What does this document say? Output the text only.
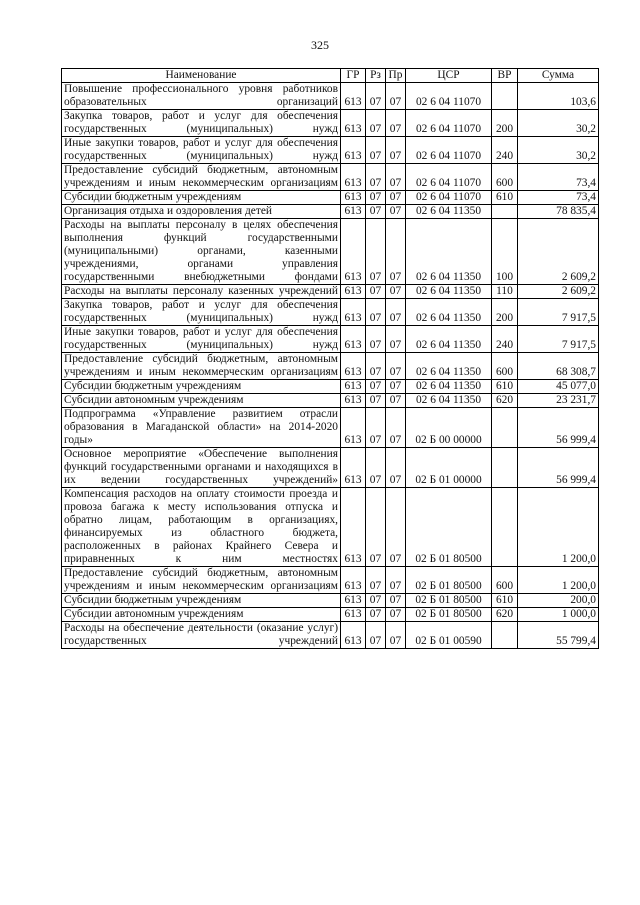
325
Наименование	ГР	Рз	Пр	ЦСР	ВР	Сумма
Повышение профессионального уровня работников образовательных организаций	613	07	07	02 6 04 11070		103,6
Закупка товаров, работ и услуг для обеспечения государственных (муниципальных) нужд	613	07	07	02 6 04 11070	200	30,2
Иные закупки товаров, работ и услуг для обеспечения государственных (муниципальных) нужд	613	07	07	02 6 04 11070	240	30,2
Предоставление субсидий бюджетным, автономным учреждениям и иным некоммерческим организациям	613	07	07	02 6 04 11070	600	73,4
Субсидии бюджетным учреждениям	613	07	07	02 6 04 11070	610	73,4
Организация отдыха и оздоровления детей	613	07	07	02 6 04 11350		78 835,4
Расходы на выплаты персоналу в целях обеспечения выполнения функций государственными (муниципальными) органами, казенными учреждениями, органами управления государственными внебюджетными фондами	613	07	07	02 6 04 11350	100	2 609,2
Расходы на выплаты персоналу казенных учреждений	613	07	07	02 6 04 11350	110	2 609,2
Закупка товаров, работ и услуг для обеспечения государственных (муниципальных) нужд	613	07	07	02 6 04 11350	200	7 917,5
Иные закупки товаров, работ и услуг для обеспечения государственных (муниципальных) нужд	613	07	07	02 6 04 11350	240	7 917,5
Предоставление субсидий бюджетным, автономным учреждениям и иным некоммерческим организациям	613	07	07	02 6 04 11350	600	68 308,7
Субсидии бюджетным учреждениям	613	07	07	02 6 04 11350	610	45 077,0
Субсидии автономным учреждениям	613	07	07	02 6 04 11350	620	23 231,7
Подпрограмма «Управление развитием отрасли образования в Магаданской области» на 2014-2020 годы»	613	07	07	02 Б 00 00000		56 999,4
Основное мероприятие «Обеспечение выполнения функций государственными органами и находящихся в их ведении государственных учреждений»	613	07	07	02 Б 01 00000		56 999,4
Компенсация расходов на оплату стоимости проезда и провоза багажа к месту использования отпуска и обратно лицам, работающим в организациях, финансируемых из областного бюджета, расположенных в районах Крайнего Севера и приравненных к ним местностях	613	07	07	02 Б 01 80500		1 200,0
Предоставление субсидий бюджетным, автономным учреждениям и иным некоммерческим организациям	613	07	07	02 Б 01 80500	600	1 200,0
Субсидии бюджетным учреждениям	613	07	07	02 Б 01 80500	610	200,0
Субсидии автономным учреждениям	613	07	07	02 Б 01 80500	620	1 000,0
Расходы на обеспечение деятельности (оказание услуг) государственных учреждений	613	07	07	02 Б 01 00590		55 799,4
